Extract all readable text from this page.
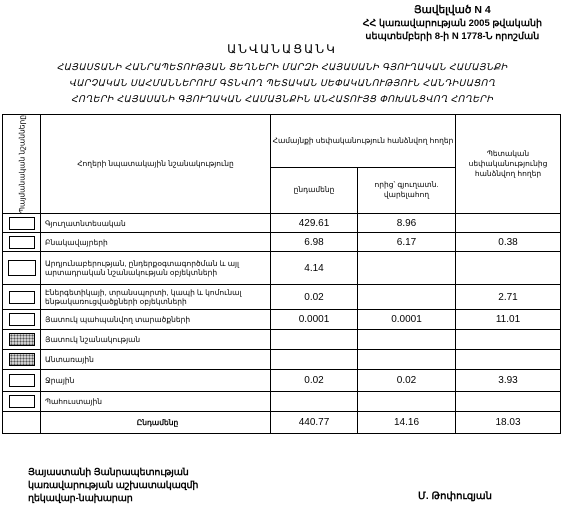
Յավելված N 4
ՀՀ կառավարության 2005 թվականի
սեպտեմբերի 8-ի N 1778-Ն որոշման
ԱՆՎԱՆԱՑԱՆԿ
ՀԱՅԱՍՏԱՆԻ ՀԱՆՐԱՊԵՏՈՒԹՅԱՆ ՑԵՂՆԵՐԻ ՄԱՐԶԻ ՀԱՅԱՍԱՆԻ ԳՅՈՒՂԱԿԱՆ ՀԱՄԱՅՆՔԻ
ՎԱՐՉԱԿԱՆ ՍԱՀՄԱՆՆԵՐՈՒՄ ԳՏՆՎՈՂ ՊԵՏԱԿԱՆ ՍԵՓԱԿԱՆՈՒԹՅՈՒՆ ՀԱՆԴԻՍԱՑՈՂ
ՀՈՂԵՐԻ ՀԱՅԱՍԱՆԻ ԳՅՈՒՂԱԿԱՆ ՀԱՄԱՅՆՔԻՆ ԱՆՀԱՏՈՒՅՑ ՓՈԽԱՆՑՎՈՂ ՀՈՂԵՐԻ
Պայմանական նշանները	Հողերի նպատակային նշանակությունը	Համայնքի սեփականություն հանձնվող հողեր		Պետական սեփականությունից հանձնվող հողեր
		ընդամենը	որից՝ գյուղատն. վարելահող	
	Գյուղատնտեսական	429.61	8.96	
	Բնակավայրերի	6.98	6.17	0.38
	Արդյունաբերության, ընդերքօգտագործման և այլ արտադրական նշանակության օբյեկտների	4.14		
	Էներգետիկայի, տրանսպորտի, կապի և կոմունալ ենթակառուցվածքների օբյեկտների	0.02		2.71
	Յատուկ պահպանվող տարածքների	0.0001	0.0001	11.01
	Յատուկ նշանակության			
	Անտառային			
	Ջրային	0.02	0.02	3.93
	Պահուստային			
	Ընդամենը	440.77	14.16	18.03
Յայաստանի Յանրապետության
կառավարության աշխատակազմի
ղեկավար-նախարար	Մ. Թոփուզյան
